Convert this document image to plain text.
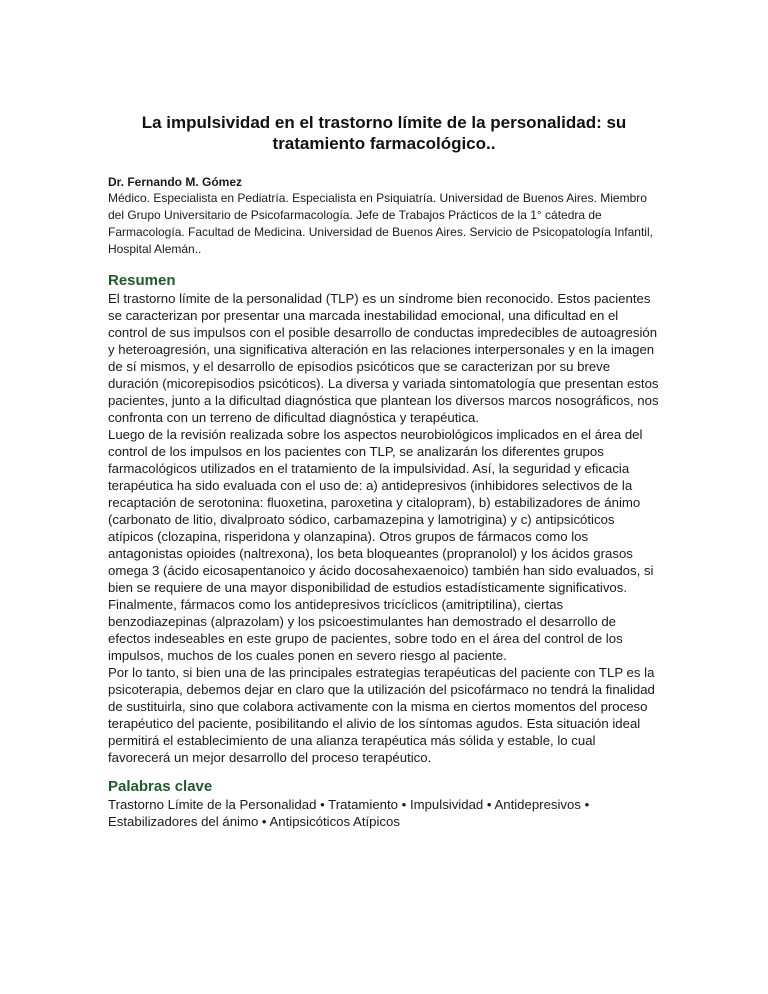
La impulsividad en el trastorno límite de la personalidad: su tratamiento farmacológico..

Dr. Fernando M. Gómez

Médico. Especialista en Pediatría. Especialista en Psiquiatría. Universidad de Buenos Aires. Miembro del Grupo Universitario de Psicofarmacología. Jefe de Trabajos Prácticos de la 1° cátedra de Farmacología. Facultad de Medicina. Universidad de Buenos Aires. Servicio de Psicopatología Infantil, Hospital Alemán..

Resumen

El trastorno límite de la personalidad (TLP) es un síndrome bien reconocido. Estos pacientes se caracterizan por presentar una marcada inestabilidad emocional, una dificultad en el control de sus impulsos con el posible desarrollo de conductas impredecibles de autoagresión y heteroagresión, una significativa alteración en las relaciones interpersonales y en la imagen de sí mismos, y el desarrollo de episodios psicóticos que se caracterizan por su breve duración (micorepisodios psicóticos). La diversa y variada sintomatología que presentan estos pacientes, junto a la dificultad diagnóstica que plantean los diversos marcos nosográficos, nos confronta con un terreno de dificultad diagnóstica y terapéutica.

Luego de la revisión realizada sobre los aspectos neurobiológicos implicados en el área del control de los impulsos en los pacientes con TLP, se analizarán los diferentes grupos farmacológicos utilizados en el tratamiento de la impulsividad. Así, la seguridad y eficacia terapéutica ha sido evaluada con el uso de: a) antidepresivos (inhibidores selectivos de la recaptación de serotonina: fluoxetina, paroxetina y citalopram), b) estabilizadores de ánimo (carbonato de litio, divalproato sódico, carbamazepina y lamotrigina) y c) antipsicóticos atípicos (clozapina, risperidona y olanzapina). Otros grupos de fármacos como los antagonistas opioides (naltrexona), los beta bloqueantes (propranolol) y los ácidos grasos omega 3 (ácido eicosapentanoico y ácido docosahexaenoico) también han sido evaluados, si bien se requiere de una mayor disponibilidad de estudios estadísticamente significativos. Finalmente, fármacos como los antidepresivos tricíclicos (amitriptilina), ciertas benzodiazepinas (alprazolam) y los psicoestimulantes han demostrado el desarrollo de efectos indeseables en este grupo de pacientes, sobre todo en el área del control de los impulsos, muchos de los cuales ponen en severo riesgo al paciente.

Por lo tanto, si bien una de las principales estrategias terapéuticas del paciente con TLP es la psicoterapia, debemos dejar en claro que la utilización del psicofármaco no tendrá la finalidad de sustituirla, sino que colabora activamente con la misma en ciertos momentos del proceso terapéutico del paciente, posibilitando el alivio de los síntomas agudos. Esta situación ideal permitirá el establecimiento de una alianza terapéutica más sólida y estable, lo cual favorecerá un mejor desarrollo del proceso terapéutico.

Palabras clave

Trastorno Límite de la Personalidad • Tratamiento • Impulsividad • Antidepresivos • Estabilizadores del ánimo • Antipsicóticos Atípicos
